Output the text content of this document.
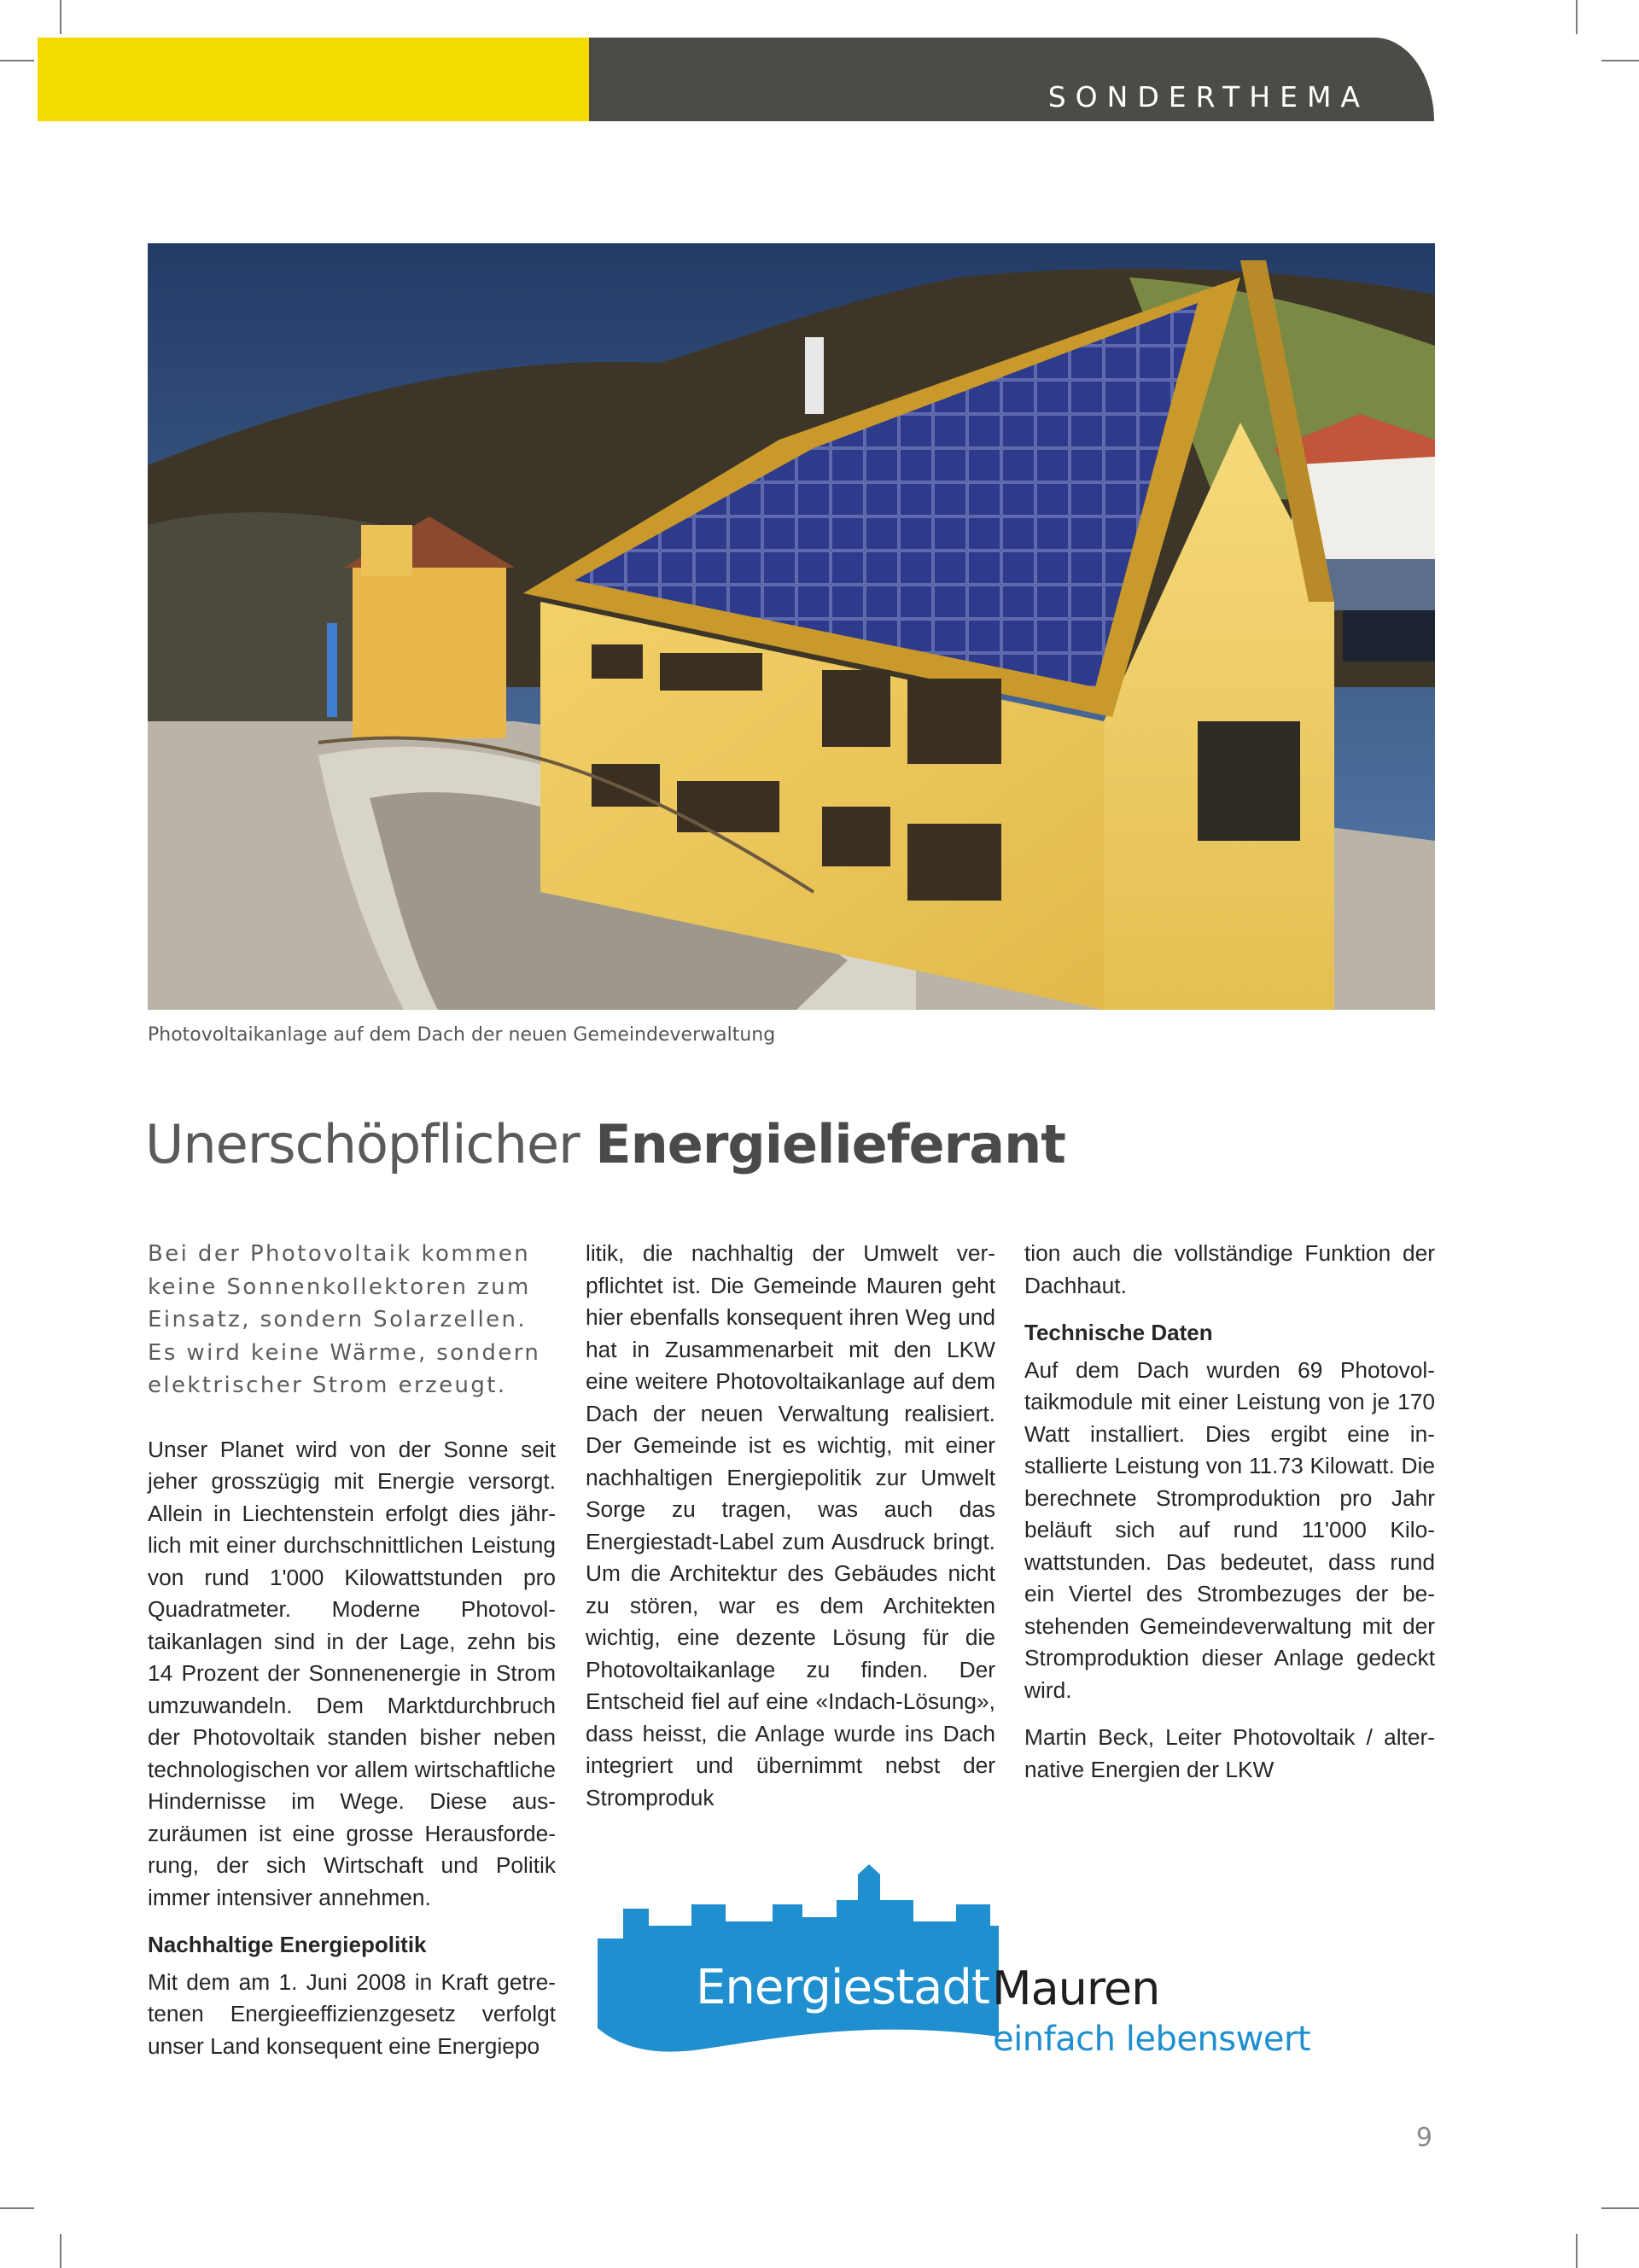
SONDERTHEMA
Photovoltaikanlage auf dem Dach der neuen Gemeindeverwaltung
Unerschöpflicher Energielieferant

Bei der Photovoltaik kommen keine Sonnenkollektoren zum Einsatz, sondern Solarzellen. Es wird keine Wärme, sondern elektrischer Strom erzeugt.

Unser Planet wird von der Sonne seit jeher grosszügig mit Energie versorgt. Allein in Liechtenstein erfolgt dies jährlich mit einer durchschnittlichen Leistung von rund 1'000 Kilowattstunden pro Quadratmeter. Moderne Photovoltaikanlagen sind in der Lage, zehn bis 14 Prozent der Sonnenenergie in Strom umzuwandeln. Dem Marktdurchbruch der Photovoltaik standen bisher neben technologischen vor allem wirtschaftliche Hindernisse im Wege. Diese auszuräumen ist eine grosse Herausforderung, der sich Wirtschaft und Politik immer intensiver annehmen.

Nachhaltige Energiepolitik

Mit dem am 1. Juni 2008 in Kraft getretenen Energieeffizienzgesetz verfolgt unser Land konsequent eine Energiepo

litik, die nachhaltig der Umwelt verpflichtet ist. Die Gemeinde Mauren geht hier ebenfalls konsequent ihren Weg und hat in Zusammenarbeit mit den LKW eine weitere Photovoltaikanlage auf dem Dach der neuen Verwaltung realisiert. Der Gemeinde ist es wichtig, mit einer nachhaltigen Energiepolitik zur Umwelt Sorge zu tragen, was auch das Energiestadt-Label zum Ausdruck bringt. Um die Architektur des Gebäudes nicht zu stören, war es dem Architekten wichtig, eine dezente Lösung für die Photovoltaikanlage zu finden. Der Entscheid fiel auf eine «Indach-Lösung», dass heisst, die Anlage wurde ins Dach integriert und übernimmt nebst der Stromproduk

tion auch die vollständige Funktion der Dachhaut.

Technische Daten

Auf dem Dach wurden 69 Photovoltaikmodule mit einer Leistung von je 170 Watt installiert. Dies ergibt eine installierte Leistung von 11.73 Kilowatt. Die berechnete Stromproduktion pro Jahr beläuft sich auf rund 11'000 Kilowattstunden. Das bedeutet, dass rund ein Viertel des Strombezuges der bestehenden Gemeindeverwaltung mit der Stromproduktion dieser Anlage gedeckt wird.

Martin Beck, Leiter Photovoltaik / alternative Energien der LKW

Energiestadt Mauren
einfach lebenswert
9
